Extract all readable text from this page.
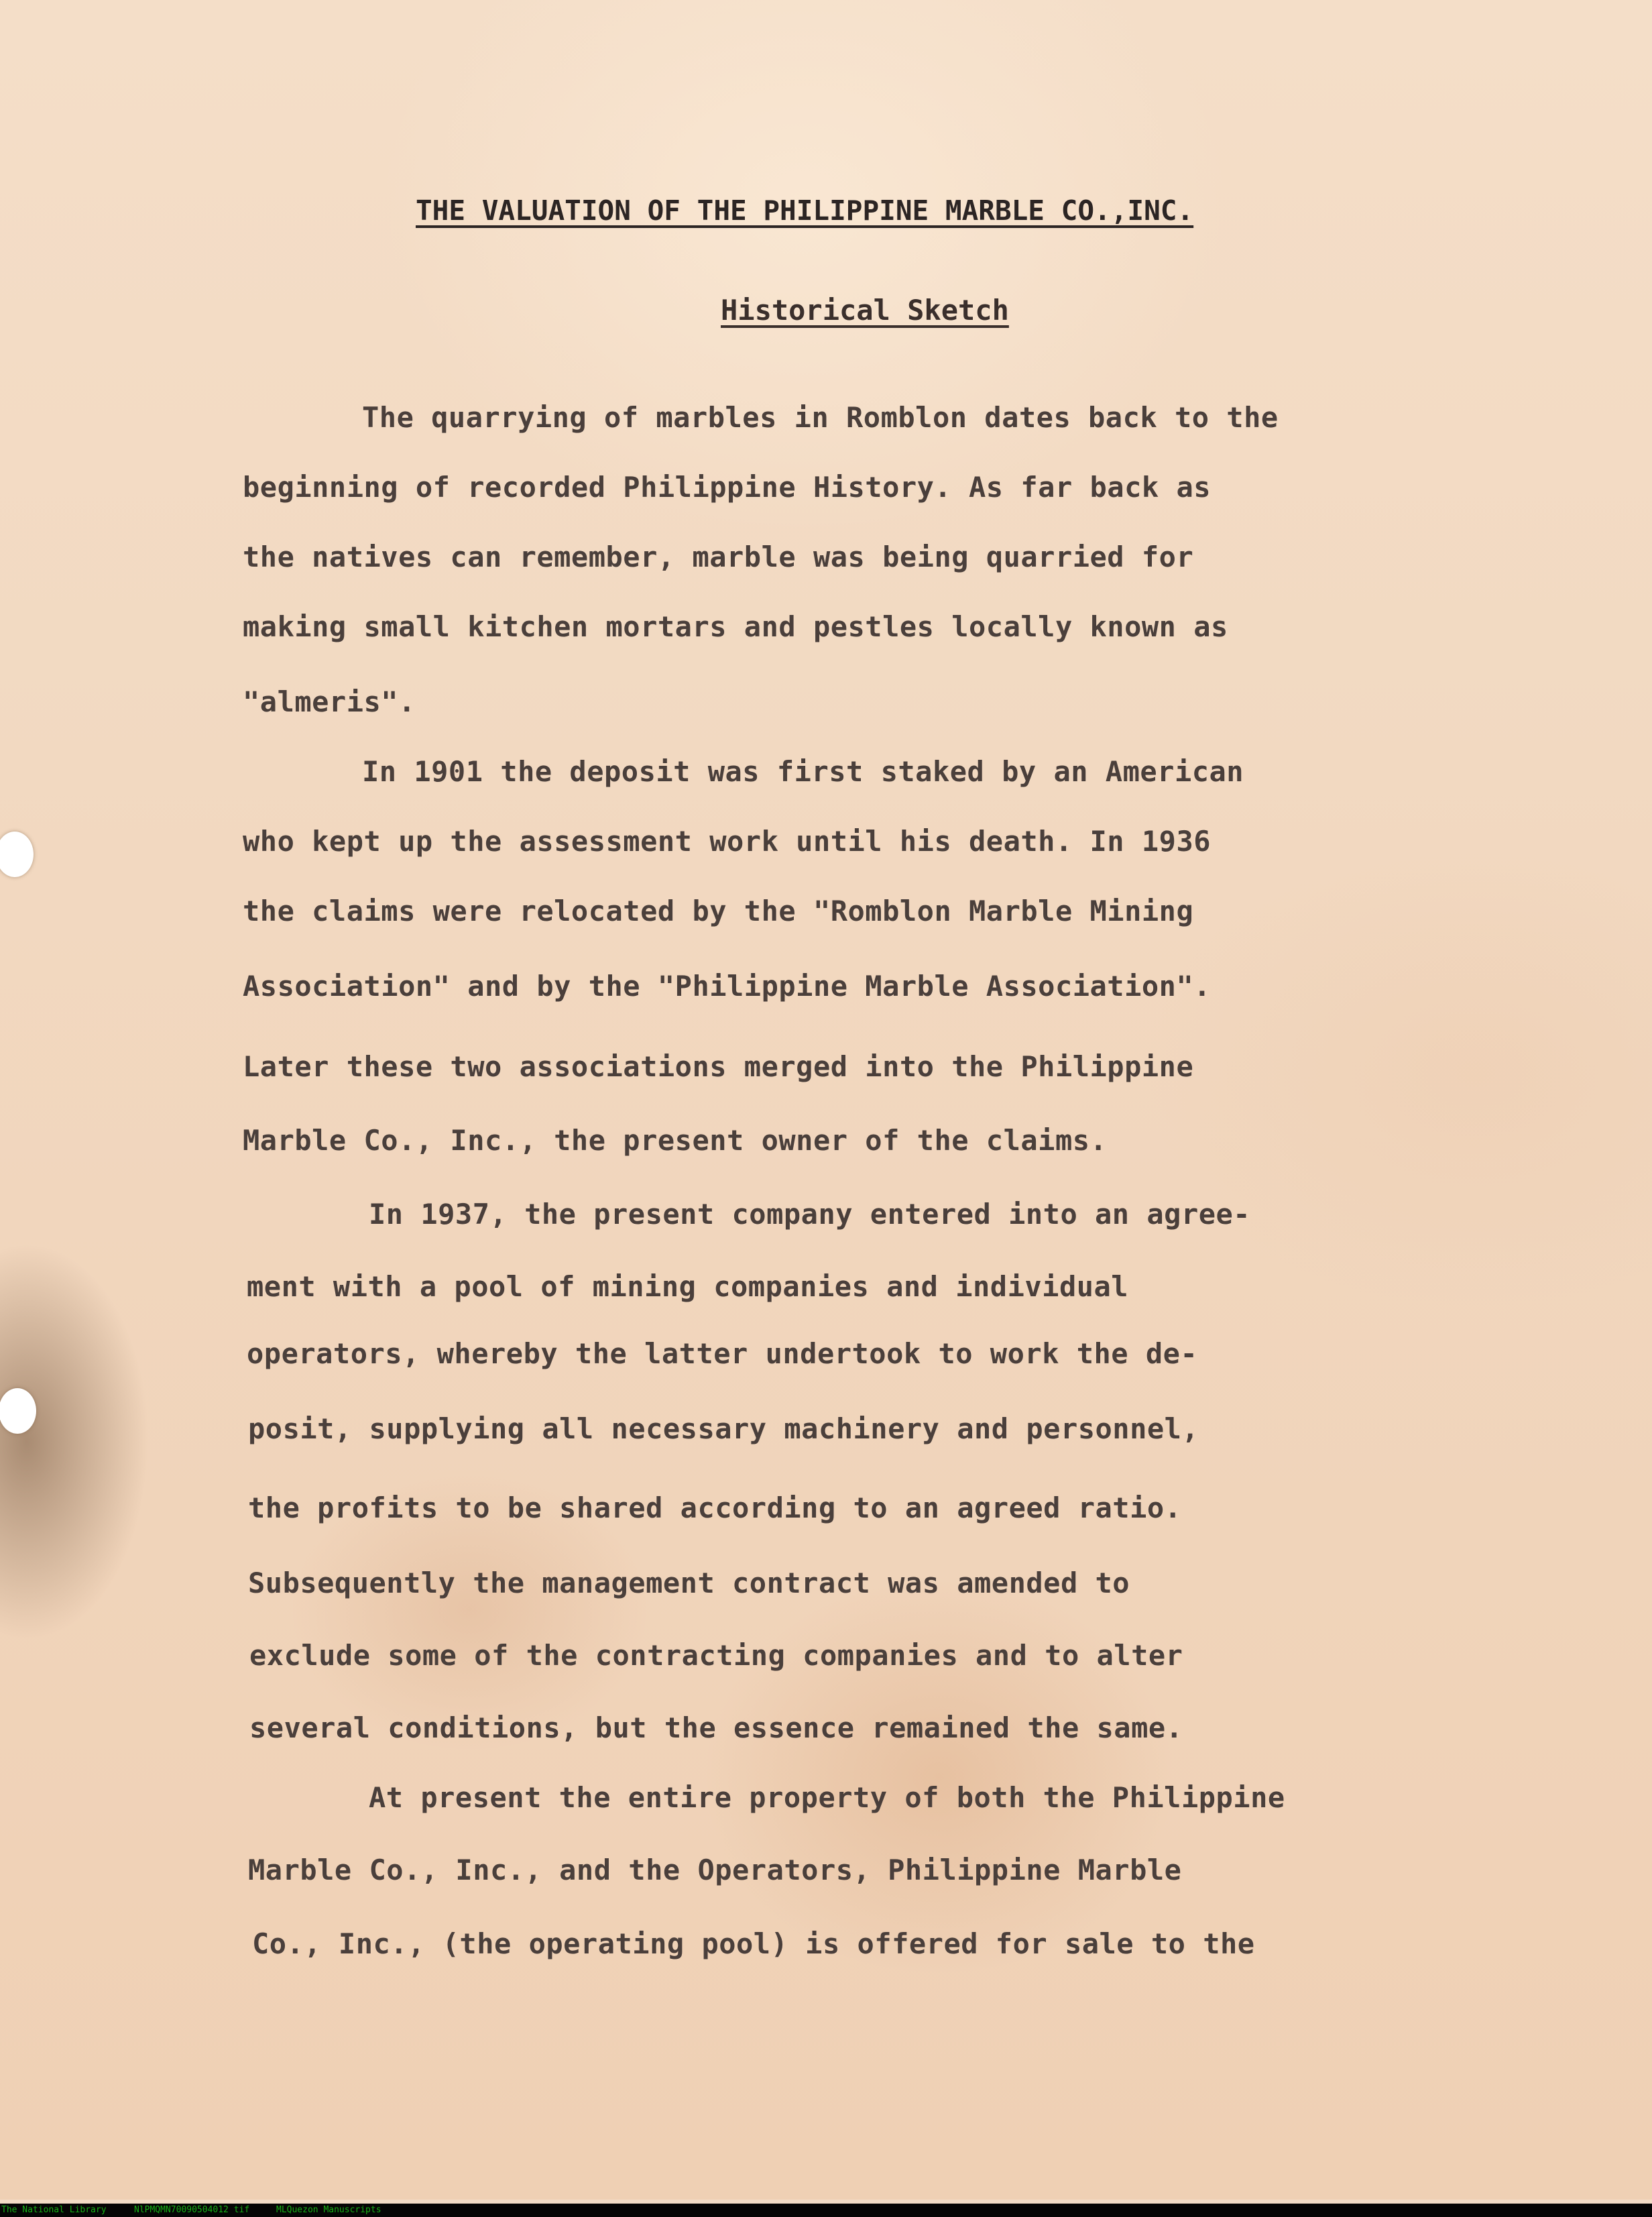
THE VALUATION OF THE PHILIPPINE MARBLE CO.,INC.
Historical Sketch
The quarrying of marbles in Romblon dates back to the
beginning of recorded Philippine History. As far back as
the natives can remember, marble was being quarried for
making small kitchen mortars and pestles locally known as
"almeris".
In 1901 the deposit was first staked by an American
who kept up the assessment work until his death. In 1936
the claims were relocated by the "Romblon Marble Mining
Association" and by the "Philippine Marble Association".
Later these two associations merged into the Philippine
Marble Co., Inc., the present owner of the claims.
In 1937, the present company entered into an agree-
ment with a pool of mining companies and individual
operators, whereby the latter undertook to work the de-
posit, supplying all necessary machinery and personnel,
the profits to be shared according to an agreed ratio.
Subsequently the management contract was amended to
exclude some of the contracting companies and to alter
several conditions, but the essence remained the same.
At present the entire property of both the Philippine
Marble Co., Inc., and the Operators, Philippine Marble
Co., Inc., (the operating pool) is offered for sale to the
The National Library	NlPMQMN70090504012 tif	MLQuezon Manuscripts
